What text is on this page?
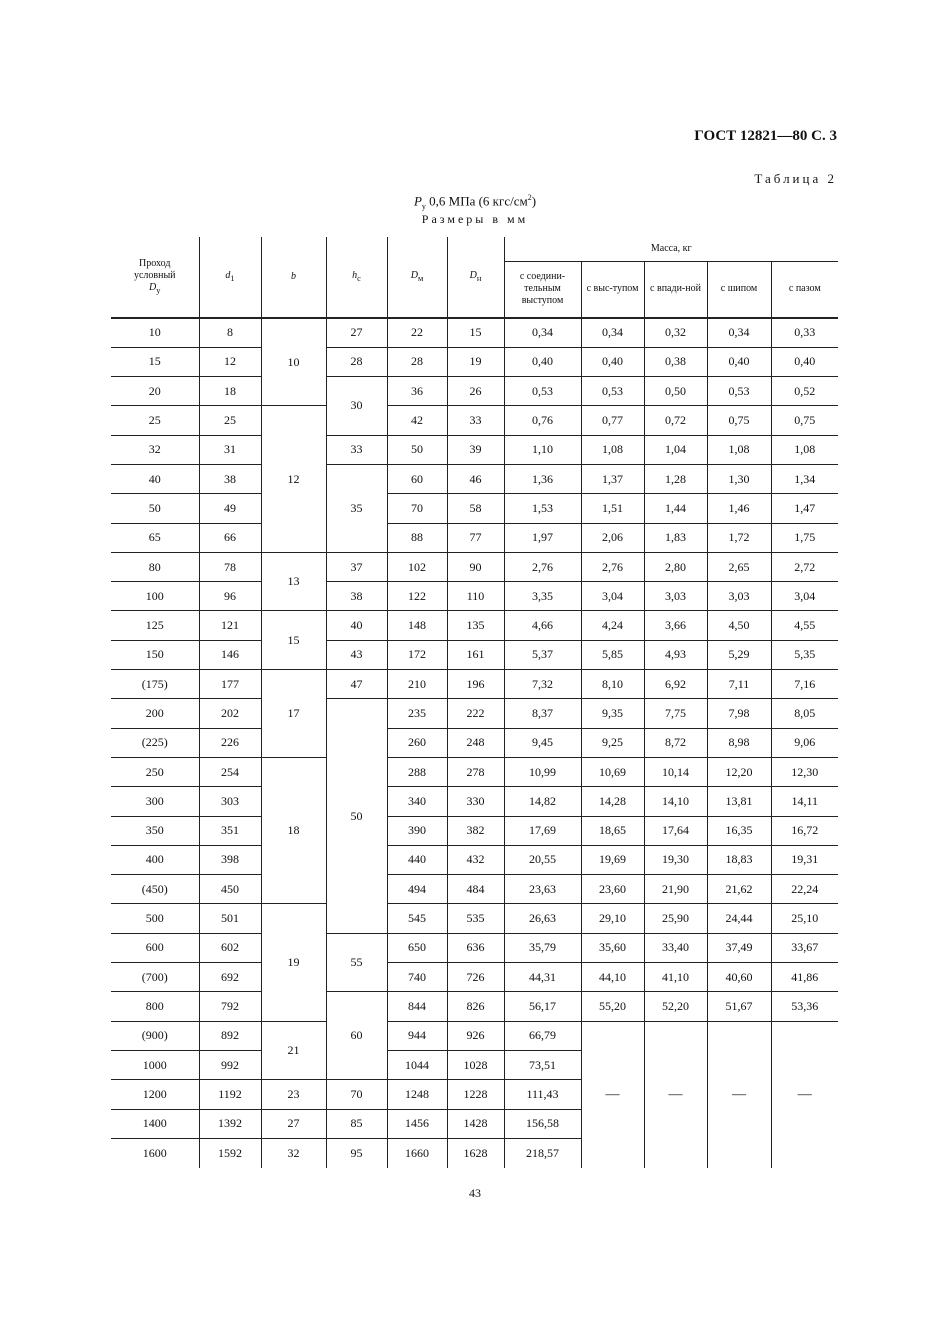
ГОСТ 12821—80 С. 3
Таблица 2
$P_y$ 0,6 МПа (6 кгс/$см^2$)
Размеры в мм
Проход
условный
$D_y$	$d_1$	b	$h_c$	$D_м$	$D_н$	Масса, кг				
						с соедини-тельным выступом	с выс-тупом	с впади-ной	с шипом	с пазом
10	8	10	27	22	15	0,34	0,34	0,32	0,34	0,33
15	12		28	28	19	0,40	0,40	0,38	0,40	0,40
20	18		30	36	26	0,53	0,53	0,50	0,53	0,52
25	25	12		42	33	0,76	0,77	0,72	0,75	0,75
32	31		33	50	39	1,10	1,08	1,04	1,08	1,08
40	38		35	60	46	1,36	1,37	1,28	1,30	1,34
50	49			70	58	1,53	1,51	1,44	1,46	1,47
65	66			88	77	1,97	2,06	1,83	1,72	1,75
80	78	13	37	102	90	2,76	2,76	2,80	2,65	2,72
100	96		38	122	110	3,35	3,04	3,03	3,03	3,04
125	121	15	40	148	135	4,66	4,24	3,66	4,50	4,55
150	146		43	172	161	5,37	5,85	4,93	5,29	5,35
(175)	177	17	47	210	196	7,32	8,10	6,92	7,11	7,16
200	202		50	235	222	8,37	9,35	7,75	7,98	8,05
(225)	226			260	248	9,45	9,25	8,72	8,98	9,06
250	254	18		288	278	10,99	10,69	10,14	12,20	12,30
300	303			340	330	14,82	14,28	14,10	13,81	14,11
350	351			390	382	17,69	18,65	17,64	16,35	16,72
400	398			440	432	20,55	19,69	19,30	18,83	19,31
(450)	450			494	484	23,63	23,60	21,90	21,62	22,24
500	501	19		545	535	26,63	29,10	25,90	24,44	25,10
600	602		55	650	636	35,79	35,60	33,40	37,49	33,67
(700)	692			740	726	44,31	44,10	41,10	40,60	41,86
800	792		60	844	826	56,17	55,20	52,20	51,67	53,36
(900)	892	21		944	926	66,79	—	—	—	—
1000	992			1044	1028	73,51				
1200	1192	23	70	1248	1228	111,43				
1400	1392	27	85	1456	1428	156,58				
1600	1592	32	95	1660	1628	218,57				
43
